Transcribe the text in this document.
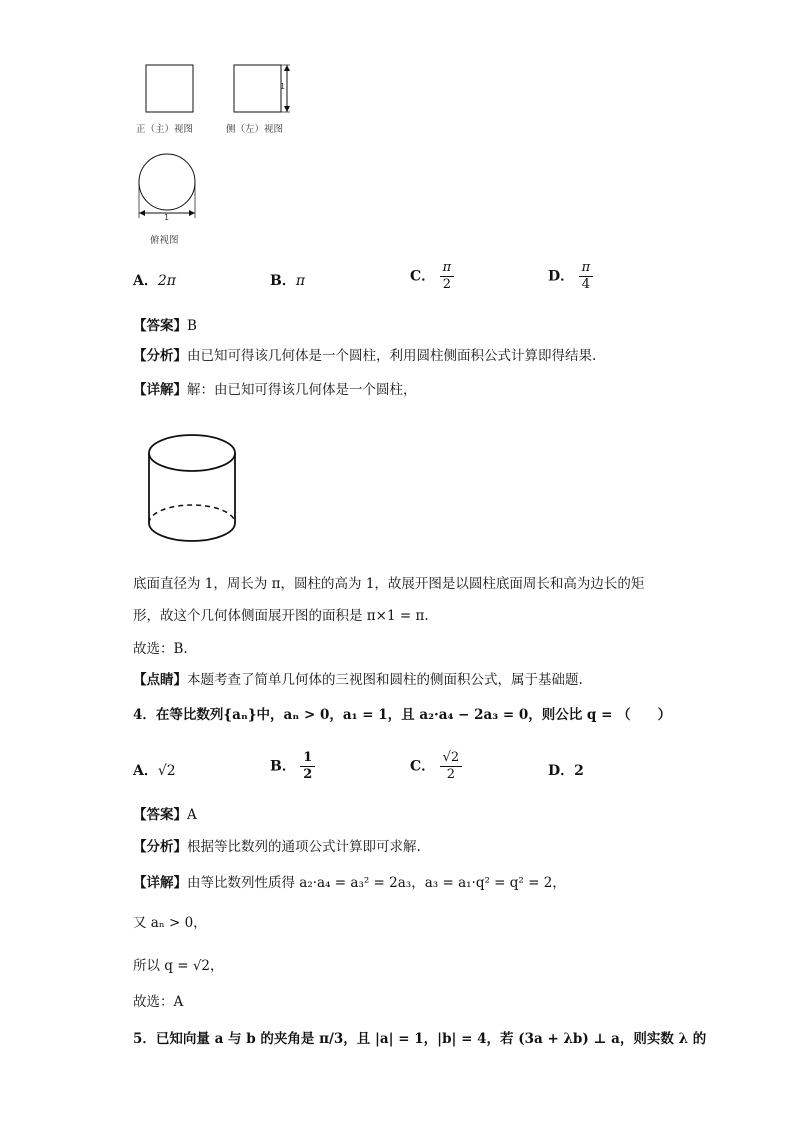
正（主）视图	侧（左）视图
1
1
俯视图
A．2π	B．π	C． $\frac{\pi}{2}$	D． $\frac{\pi}{4}$
【答案】B
【分析】由已知可得该几何体是一个圆柱，利用圆柱侧面积公式计算即得结果.
【详解】解：由已知可得该几何体是一个圆柱，
底面直径为 1，周长为 π，圆柱的高为 1，故展开图是以圆柱底面周长和高为边长的矩
形，故这个几何体侧面展开图的面积是 π×1 = π.
故选：B.
【点睛】本题考查了简单几何体的三视图和圆柱的侧面积公式，属于基础题.
4．在等比数列{aₙ}中，aₙ > 0，a₁ = 1，且 a₂·a₄ − 2a₃ = 0，则公比 q = （　　）
A．√2	B． $\frac{1}{2}$	C． $\frac{√2}{2}$	D．2
【答案】A
【分析】根据等比数列的通项公式计算即可求解.
【详解】由等比数列性质得 a₂·a₄ = a₃² = 2a₃，a₃ = a₁·q² = q² = 2，
又 aₙ > 0，
所以 q = √2，
故选：A
5．已知向量 a 与 b 的夹角是 π/3，且 |a| = 1，|b| = 4，若 (3a + λb) ⊥ a，则实数 λ 的
